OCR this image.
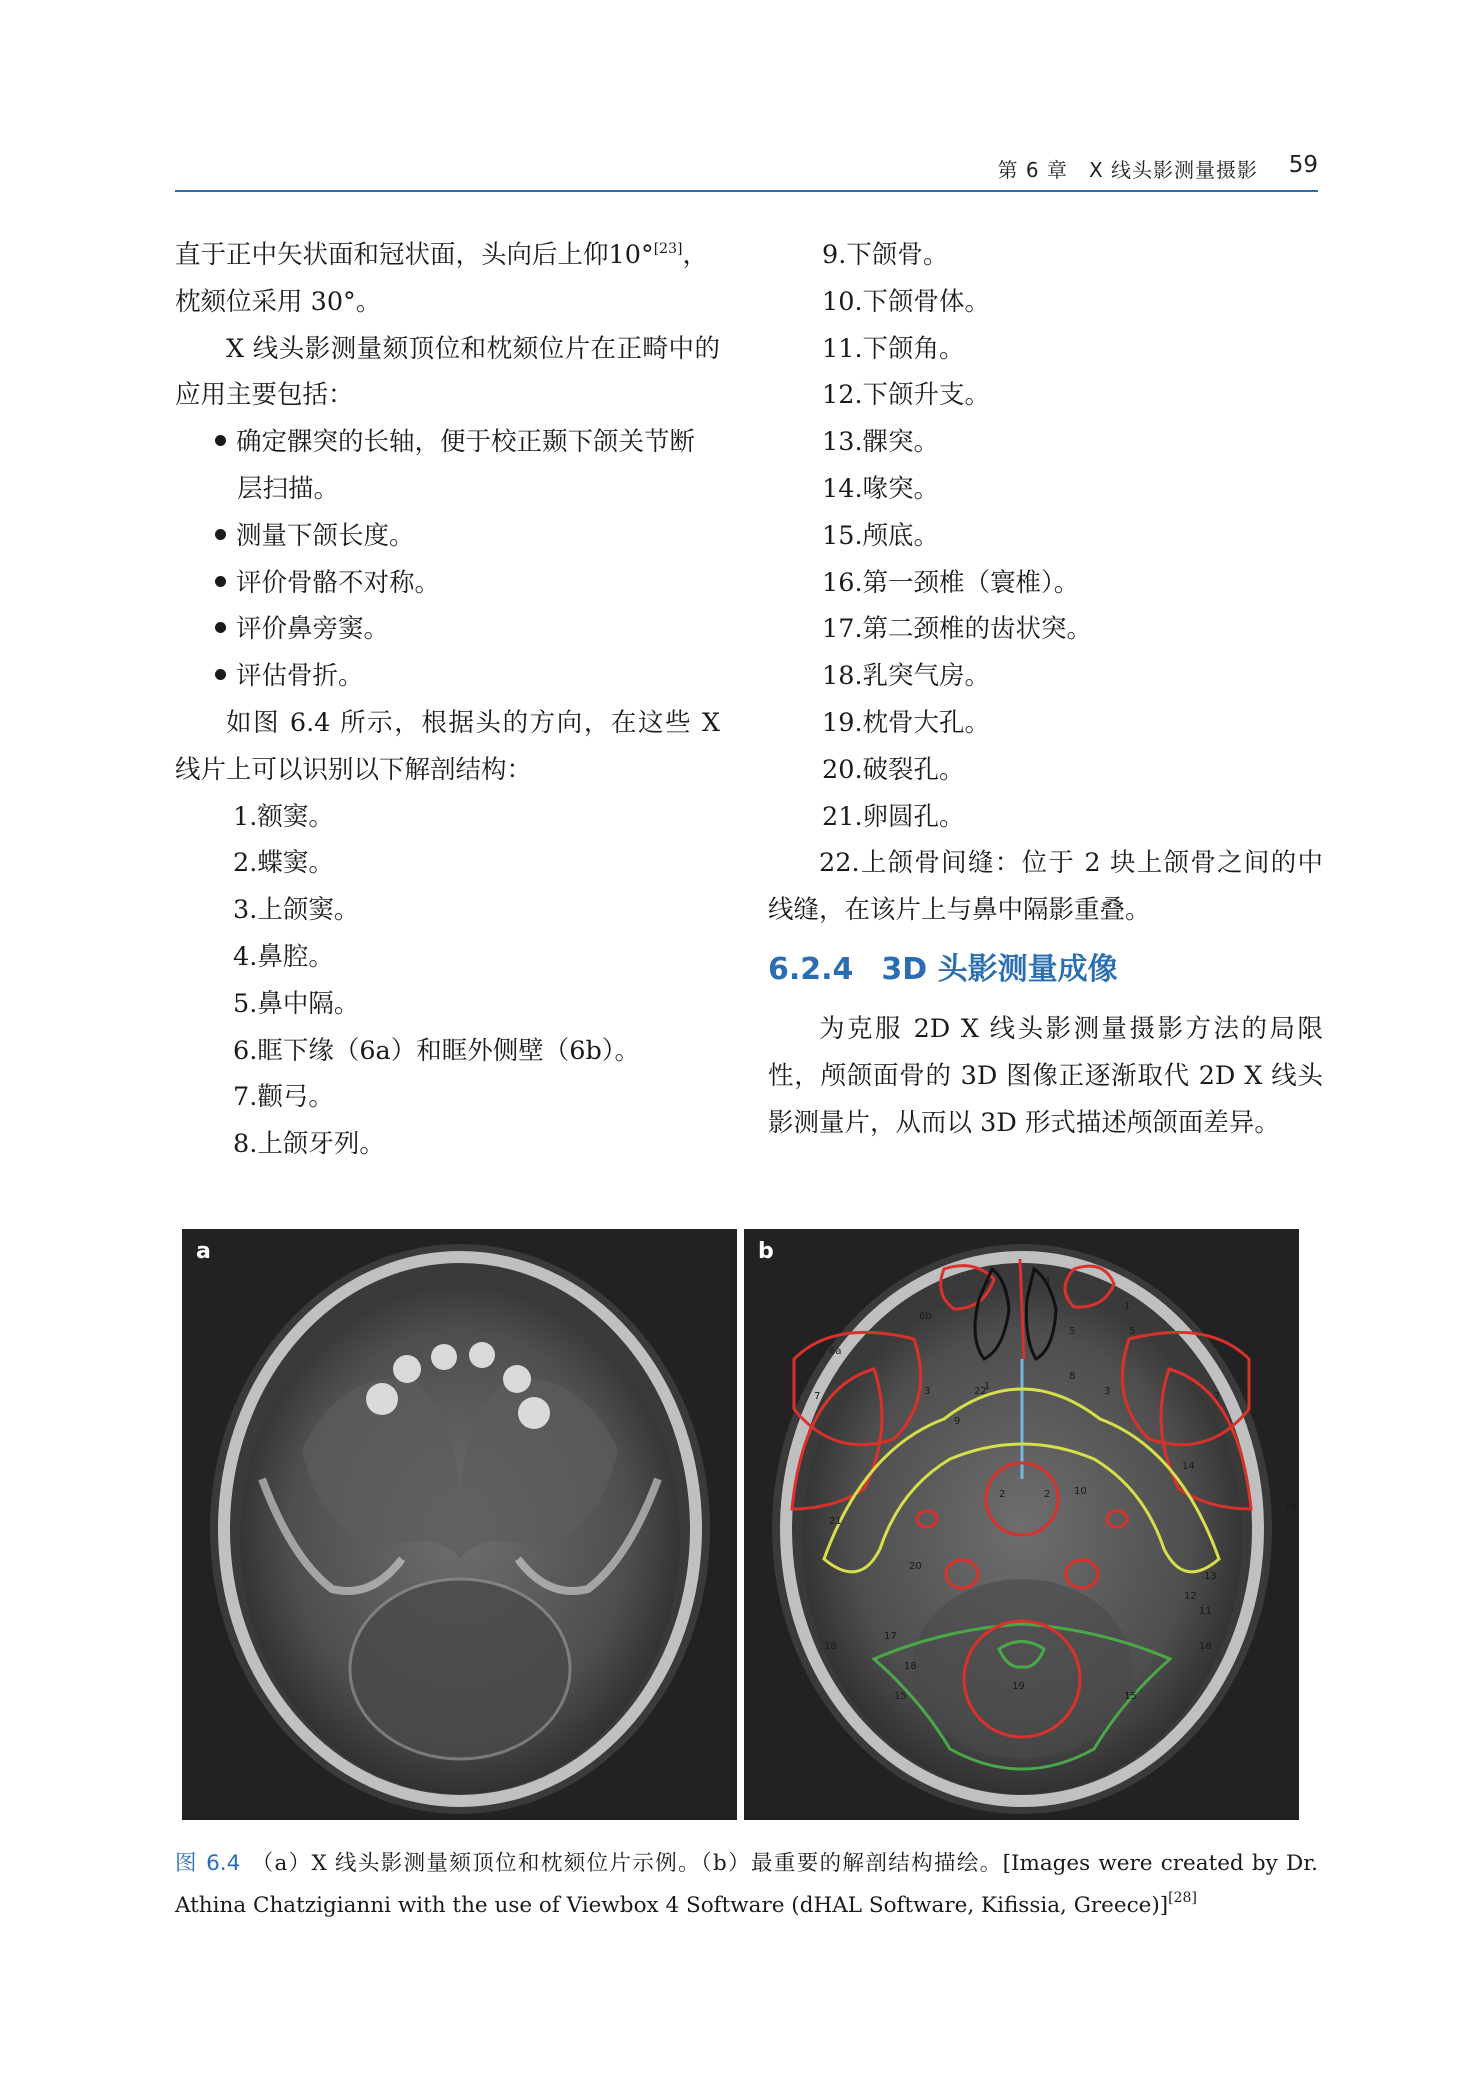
第 6 章　X 线头影测量摄影 59

直于正中矢状面和冠状面，头向后上仰10°[23]，

枕颏位采用 30°。

X 线头影测量颏顶位和枕颏位片在正畸中的应用主要包括：

确定髁突的长轴，便于校正颞下颌关节断层扫描。

测量下颌长度。

评价骨骼不对称。

评价鼻旁窦。

评估骨折。

如图 6.4 所示，根据头的方向，在这些 X 线片上可以识别以下解剖结构：

1.额窦。

2.蝶窦。

3.上颌窦。

4.鼻腔。

5.鼻中隔。

6.眶下缘（6a）和眶外侧壁（6b）。

7.颧弓。

8.上颌牙列。

9.下颌骨。

10.下颌骨体。

11.下颌角。

12.下颌升支。

13.髁突。

14.喙突。

15.颅底。

16.第一颈椎（寰椎）。

17.第二颈椎的齿状突。

18.乳突气房。

19.枕骨大孔。

20.破裂孔。

21.卵圆孔。

22.上颌骨间缝：位于 2 块上颌骨之间的中线缝，在该片上与鼻中隔影重叠。

6.2.4 3D 头影测量成像

为克服 2D X 线头影测量摄影方法的局限性，颅颌面骨的 3D 图像正逐渐取代 2D X 线头影测量片，从而以 3D 形式描述颅颌面差异。

a	b
1
1
2	2
3	3
4	4
5
5
6a
6b
7	7
8
9
10
11
12
13
14
15	15
16
17
18
18	18
19
20
21
22
图 6.4 （a）X 线头影测量颏顶位和枕颏位片示例。（b）最重要的解剖结构描绘。[Images were created by Dr. Athina Chatzigianni with the use of Viewbox 4 Software (dHAL Software, Kifissia, Greece)][28]
